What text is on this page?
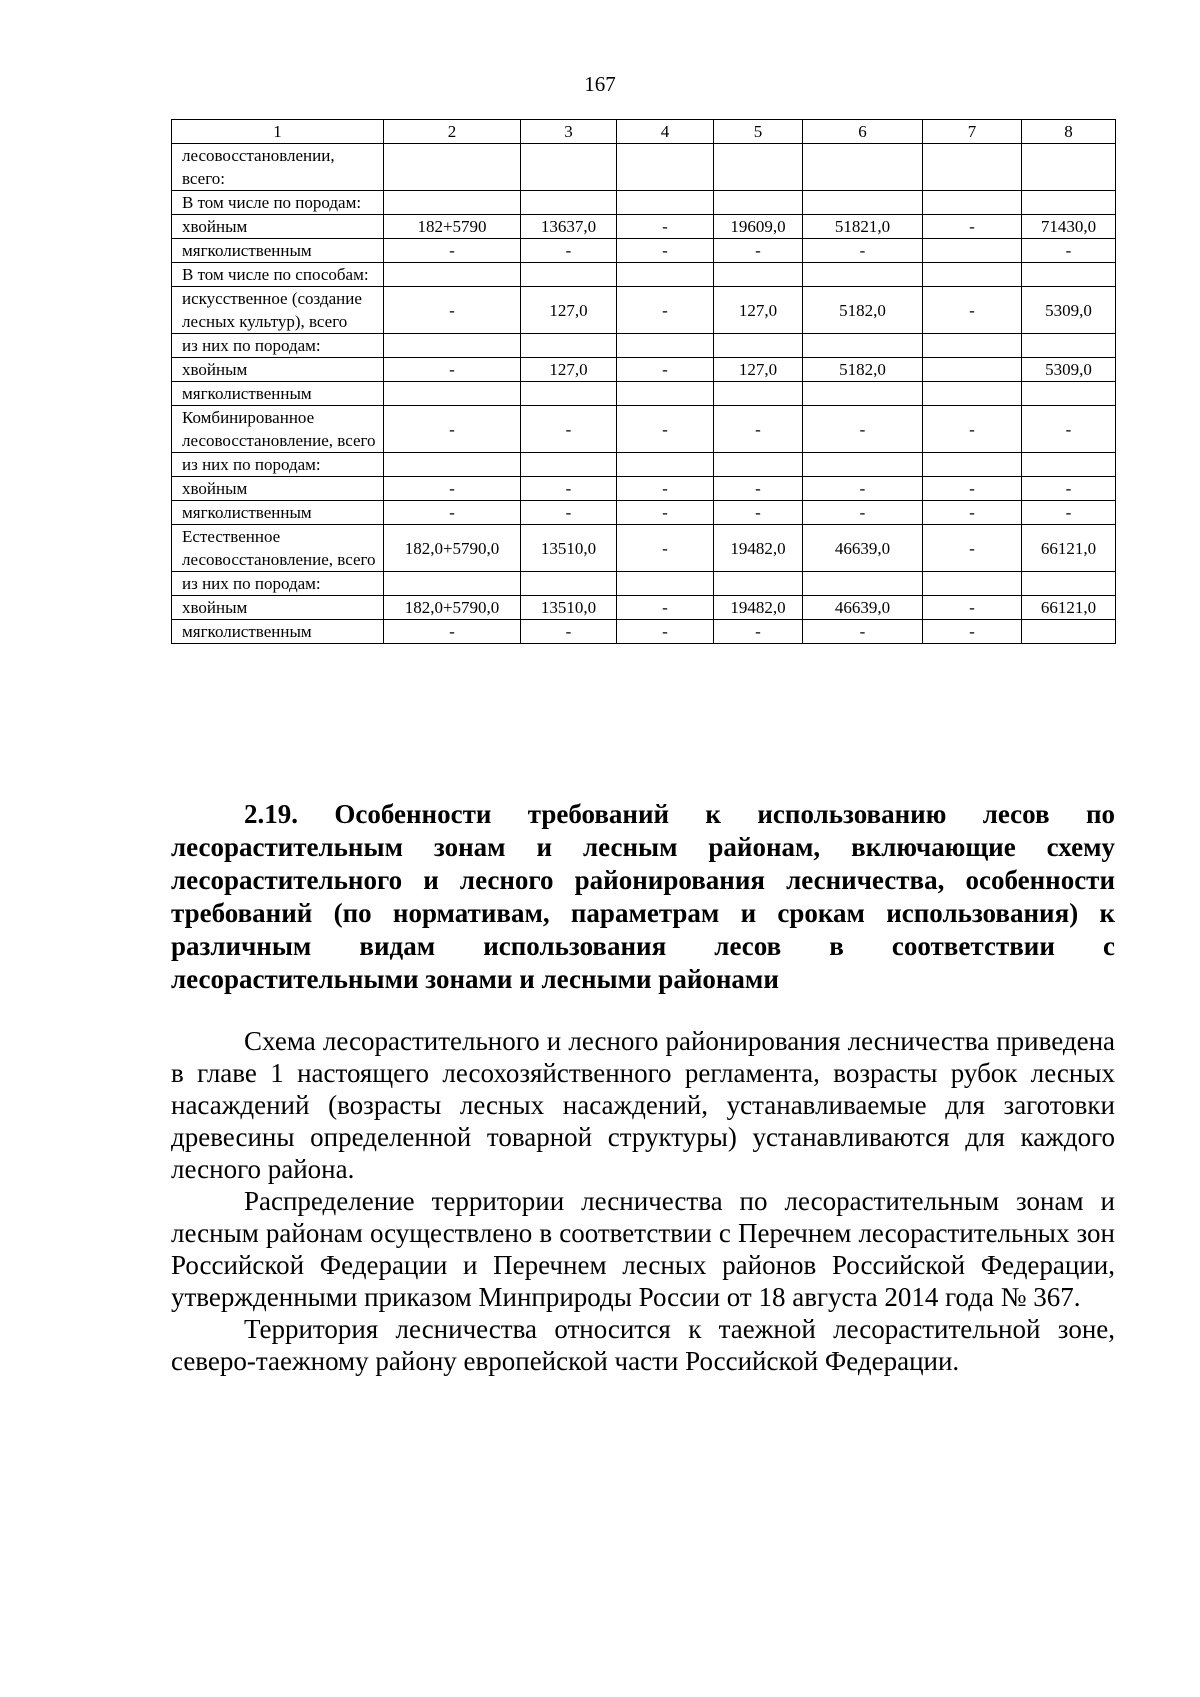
167
1	2	3	4	5	6	7	8
лесовосстановлении, всего:							
В том числе по породам:							
хвойным	182+5790	13637,0	-	19609,0	51821,0	-	71430,0
мягколиственным	-	-	-	-	-		-
В том числе по способам:							
искусственное (создание лесных культур), всего	-	127,0	-	127,0	5182,0	-	5309,0
из них по породам:							
хвойным	-	127,0	-	127,0	5182,0		5309,0
мягколиственным							
Комбинированное лесовосстановление, всего	-	-	-	-	-	-	-
из них по породам:							
хвойным	-	-	-	-	-	-	-
мягколиственным	-	-	-	-	-	-	-
Естественное лесовосстановление, всего	182,0+5790,0	13510,0	-	19482,0	46639,0	-	66121,0
из них по породам:							
хвойным	182,0+5790,0	13510,0	-	19482,0	46639,0	-	66121,0
мягколиственным	-	-	-	-	-	-	
2.19. Особенности требований к использованию лесов по лесорастительным зонам и лесным районам, включающие схему лесорастительного и лесного районирования лесничества, особенности требований (по нормативам, параметрам и срокам использования) к различным видам использования лесов в соответствии с лесорастительными зонами и лесными районами

Схема лесорастительного и лесного районирования лесничества приведена в главе 1 настоящего лесохозяйственного регламента, возрасты рубок лесных насаждений (возрасты лесных насаждений, устанавливаемые для заготовки древесины определенной товарной структуры) устанавливаются для каждого лесного района.

Распределение территории лесничества по лесорастительным зонам и лесным районам осуществлено в соответствии с Перечнем лесорастительных зон Российской Федерации и Перечнем лесных районов Российской Федерации, утвержденными приказом Минприроды России от 18 августа 2014 года № 367.

Территория лесничества относится к таежной лесорастительной зоне, северо-таежному району европейской части Российской Федерации.
